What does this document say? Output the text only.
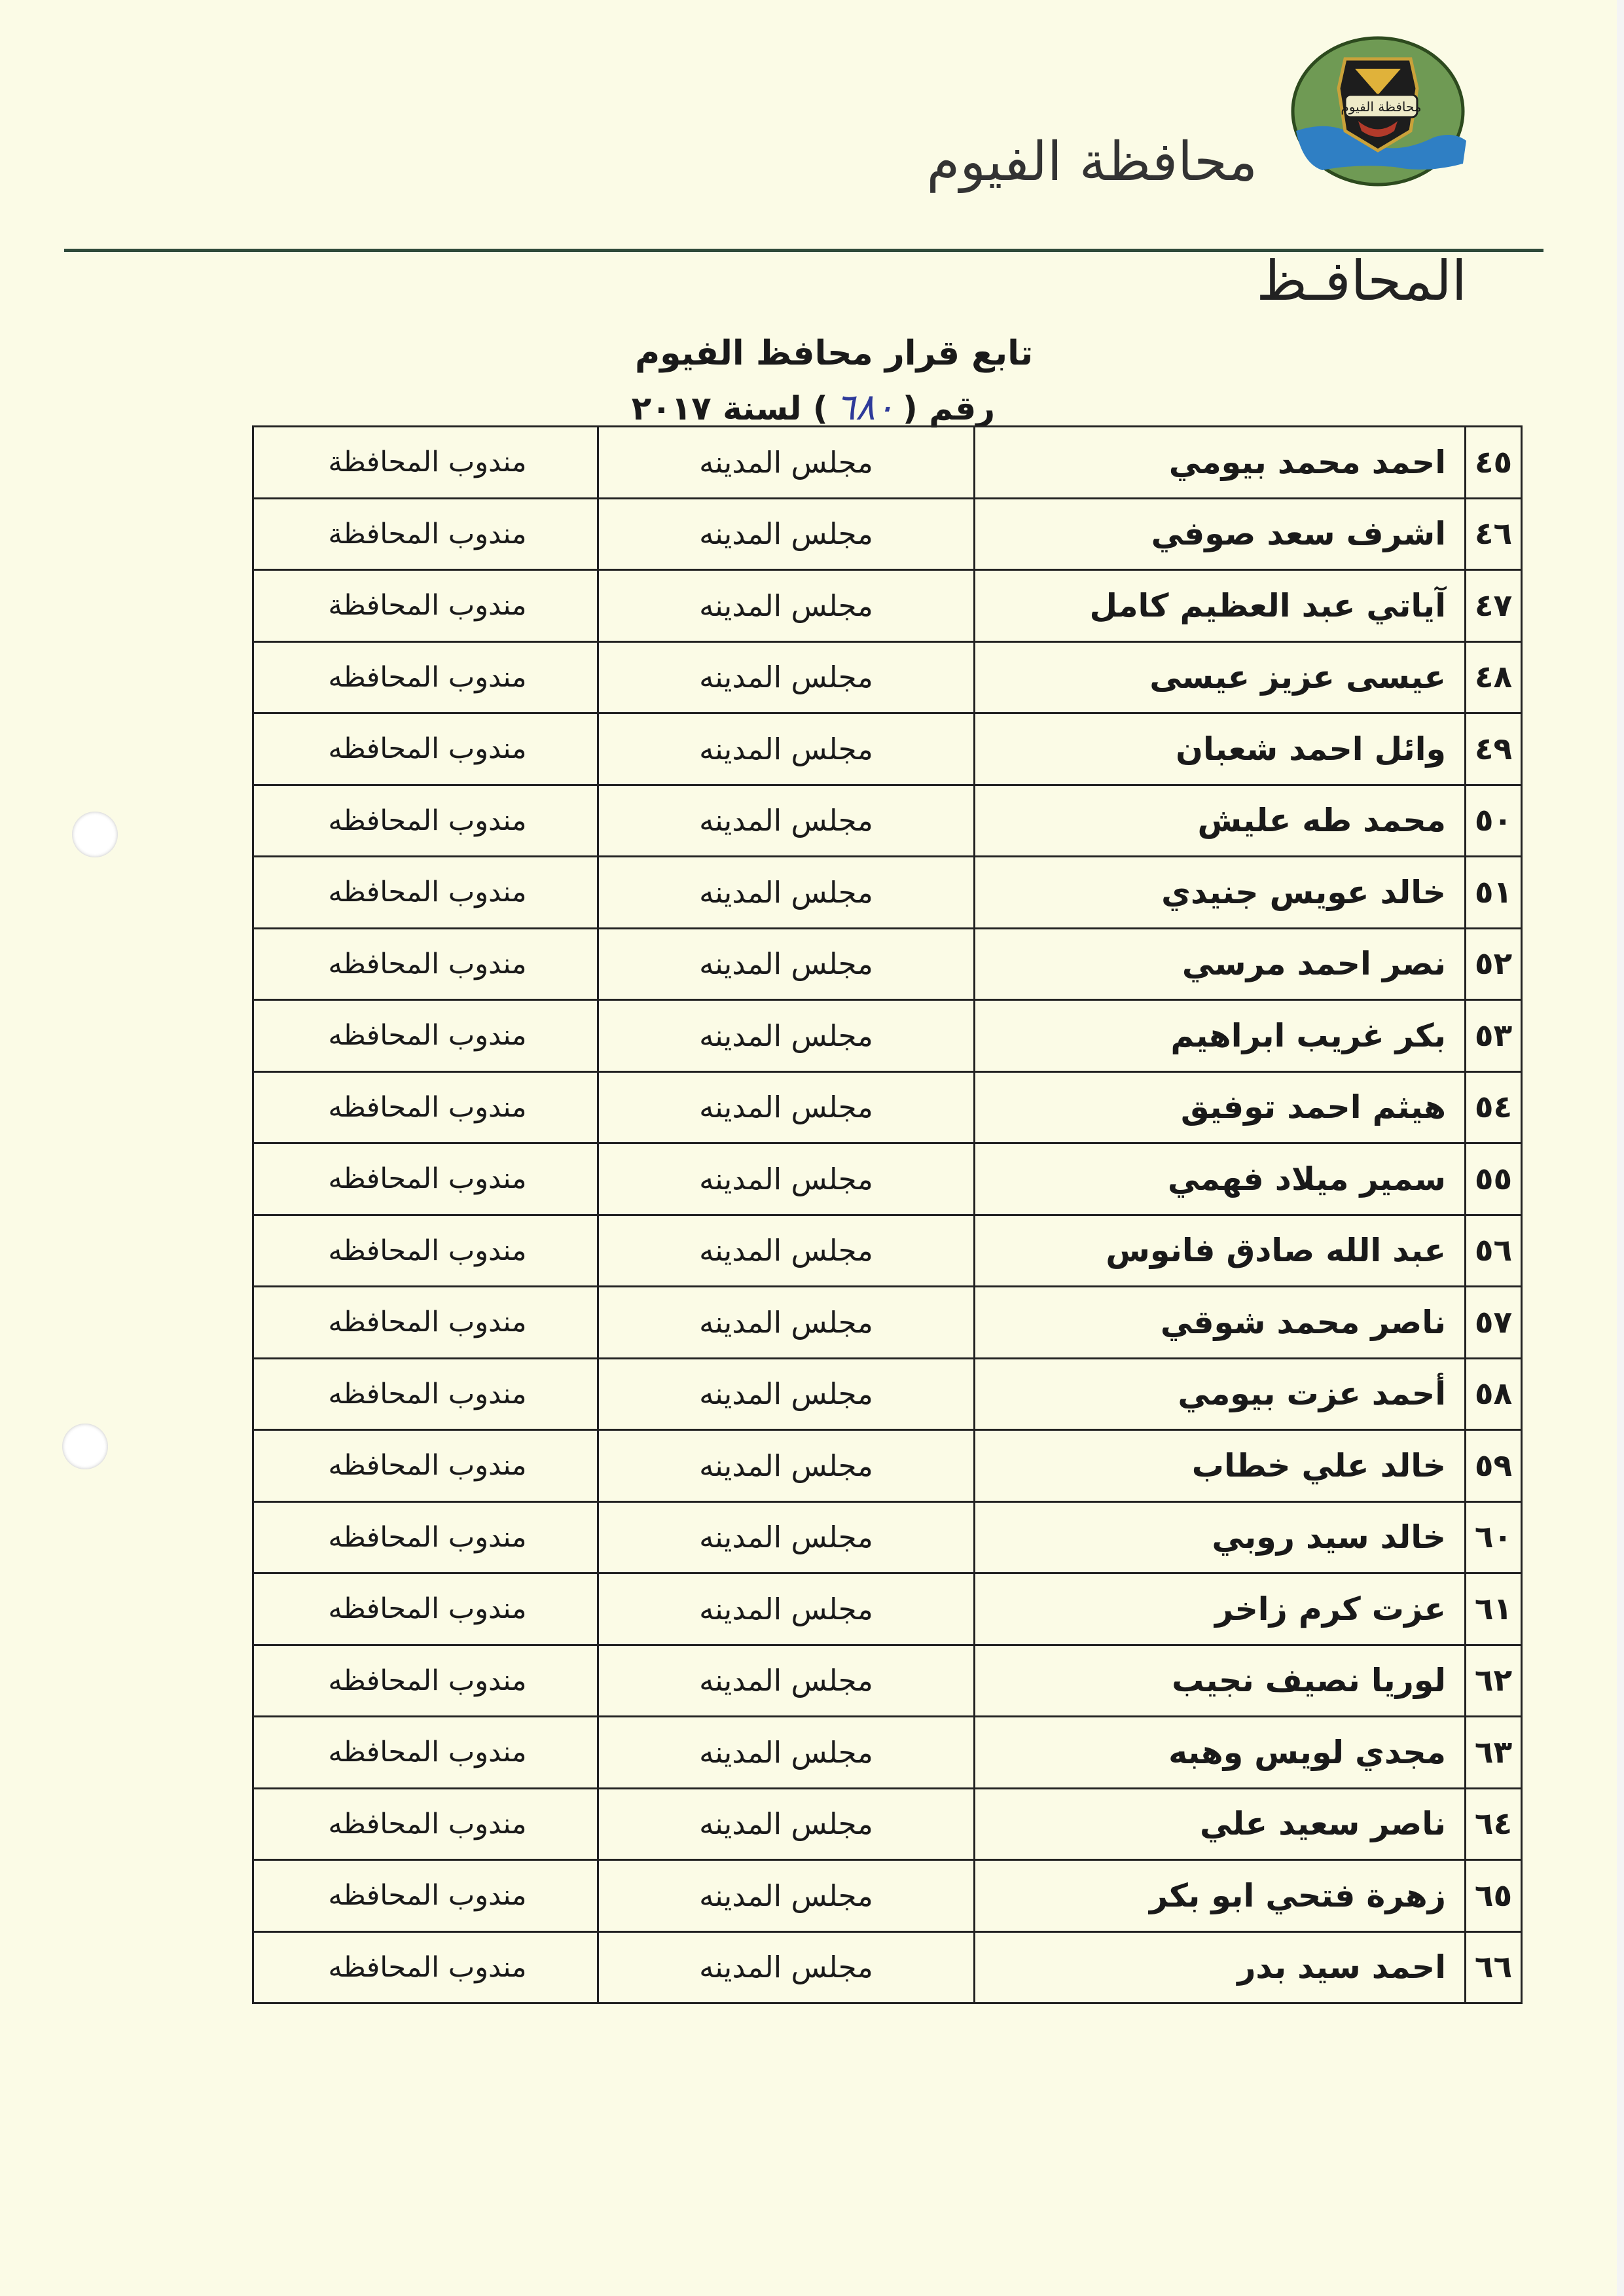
محافظة الفيوم
محافظة الفيوم
المحافـظ
تابع قرار محافظ الفيوم
رقم (
٦٨٠
) لسنة ٢٠١٧
٤٥
احمد محمد بيومي
مجلس المدينه
مندوب المحافظة
٤٦
اشرف سعد صوفي
مجلس المدينه
مندوب المحافظة
٤٧
آياتي عبد العظيم كامل
مجلس المدينه
مندوب المحافظة
٤٨
عيسى عزيز عيسى
مجلس المدينه
مندوب المحافظه
٤٩
وائل احمد شعبان
مجلس المدينه
مندوب المحافظه
٥٠
محمد طه عليش
مجلس المدينه
مندوب المحافظه
٥١
خالد عويس جنيدي
مجلس المدينه
مندوب المحافظه
٥٢
نصر احمد مرسي
مجلس المدينه
مندوب المحافظه
٥٣
بكر غريب ابراهيم
مجلس المدينه
مندوب المحافظه
٥٤
هيثم احمد توفيق
مجلس المدينه
مندوب المحافظه
٥٥
سمير ميلاد فهمي
مجلس المدينه
مندوب المحافظه
٥٦
عبد الله صادق فانوس
مجلس المدينه
مندوب المحافظه
٥٧
ناصر محمد شوقي
مجلس المدينه
مندوب المحافظه
٥٨
أحمد عزت بيومي
مجلس المدينه
مندوب المحافظه
٥٩
خالد علي خطاب
مجلس المدينه
مندوب المحافظه
٦٠
خالد سيد روبي
مجلس المدينه
مندوب المحافظه
٦١
عزت كرم زاخر
مجلس المدينه
مندوب المحافظه
٦٢
لوريا نصيف نجيب
مجلس المدينه
مندوب المحافظه
٦٣
مجدي لويس وهبه
مجلس المدينه
مندوب المحافظه
٦٤
ناصر سعيد علي
مجلس المدينه
مندوب المحافظه
٦٥
زهرة فتحي ابو بكر
مجلس المدينه
مندوب المحافظه
٦٦
احمد سيد بدر
مجلس المدينه
مندوب المحافظه
